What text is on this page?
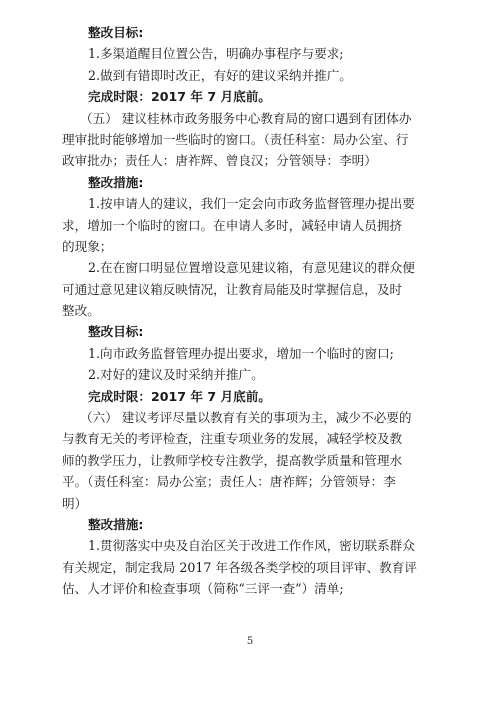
整改目标:
1.多渠道醒目位置公告，明确办事程序与要求;
2.做到有错即时改正，有好的建议采纳并推广。
完成时限：2017 年 7 月底前。
（五） 建议桂林市政务服务中心教育局的窗口遇到有团体办
理审批时能够增加一些临时的窗口。（责任科室：局办公室、行
政审批办；责任人：唐祚辉、曾良汉；分管领导：李明）
整改措施:
1.按申请人的建议，我们一定会向市政务监督管理办提出要
求，增加一个临时的窗口。在申请人多时，减轻申请人员拥挤
的现象；
2.在在窗口明显位置增设意见建议箱，有意见建议的群众便
可通过意见建议箱反映情况，让教育局能及时掌握信息，及时
整改。
整改目标:
1.向市政务监督管理办提出要求，增加一个临时的窗口;
2.对好的建议及时采纳并推广。
完成时限：2017 年 7 月底前。
（六） 建议考评尽量以教育有关的事项为主，减少不必要的
与教育无关的考评检查，注重专项业务的发展，减轻学校及教
师的教学压力，让教师学校专注教学，提高教学质量和管理水
平。（责任科室：局办公室；责任人：唐祚辉；分管领导：李
明）
整改措施:
1.贯彻落实中央及自治区关于改进工作作风，密切联系群众
有关规定，制定我局 2017 年各级各类学校的项目评审、教育评
估、人才评价和检查事项（简称“三评一查”）清单;
5
